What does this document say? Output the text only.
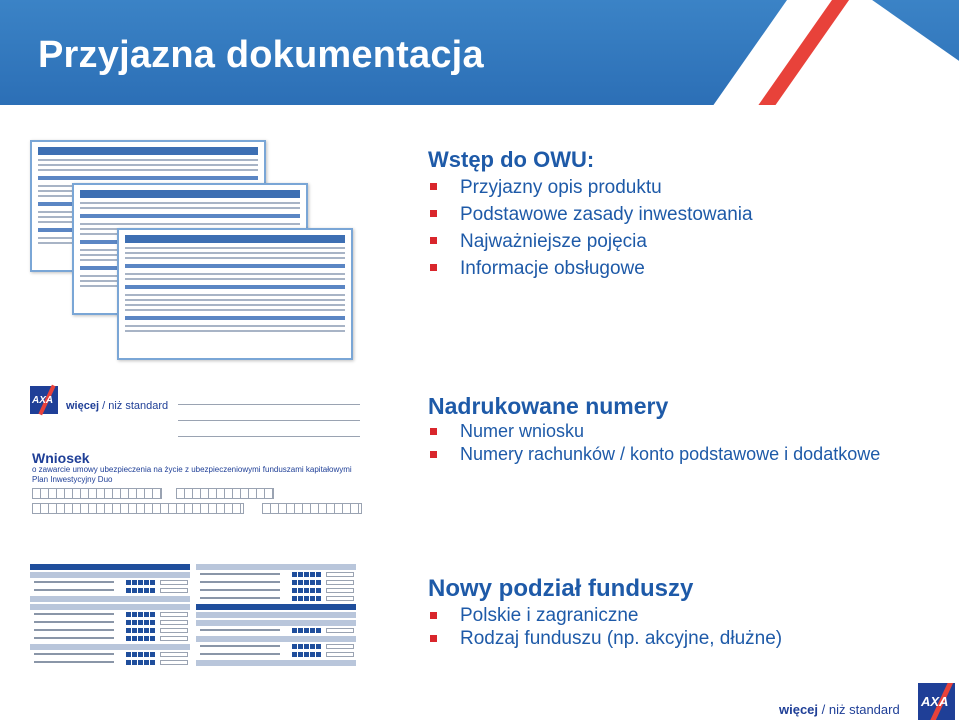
Przyjazna dokumentacja
Wstęp do OWU:
Przyjazny opis produktu
Podstawowe zasady inwestowania
Najważniejsze pojęcia
Informacje obsługowe
AXA więcej / niż standard
Wniosek
o zawarcie umowy ubezpieczenia na życie z ubezpieczeniowymi funduszami kapitałowymi
Plan Inwestycyjny Duo
Nadrukowane numery
Numer wniosku
Numery rachunków / konto podstawowe i dodatkowe
Nowy podział funduszy
Polskie i zagraniczne
Rodzaj funduszu (np. akcyjne, dłużne)
więcej / niż standard
AXA
